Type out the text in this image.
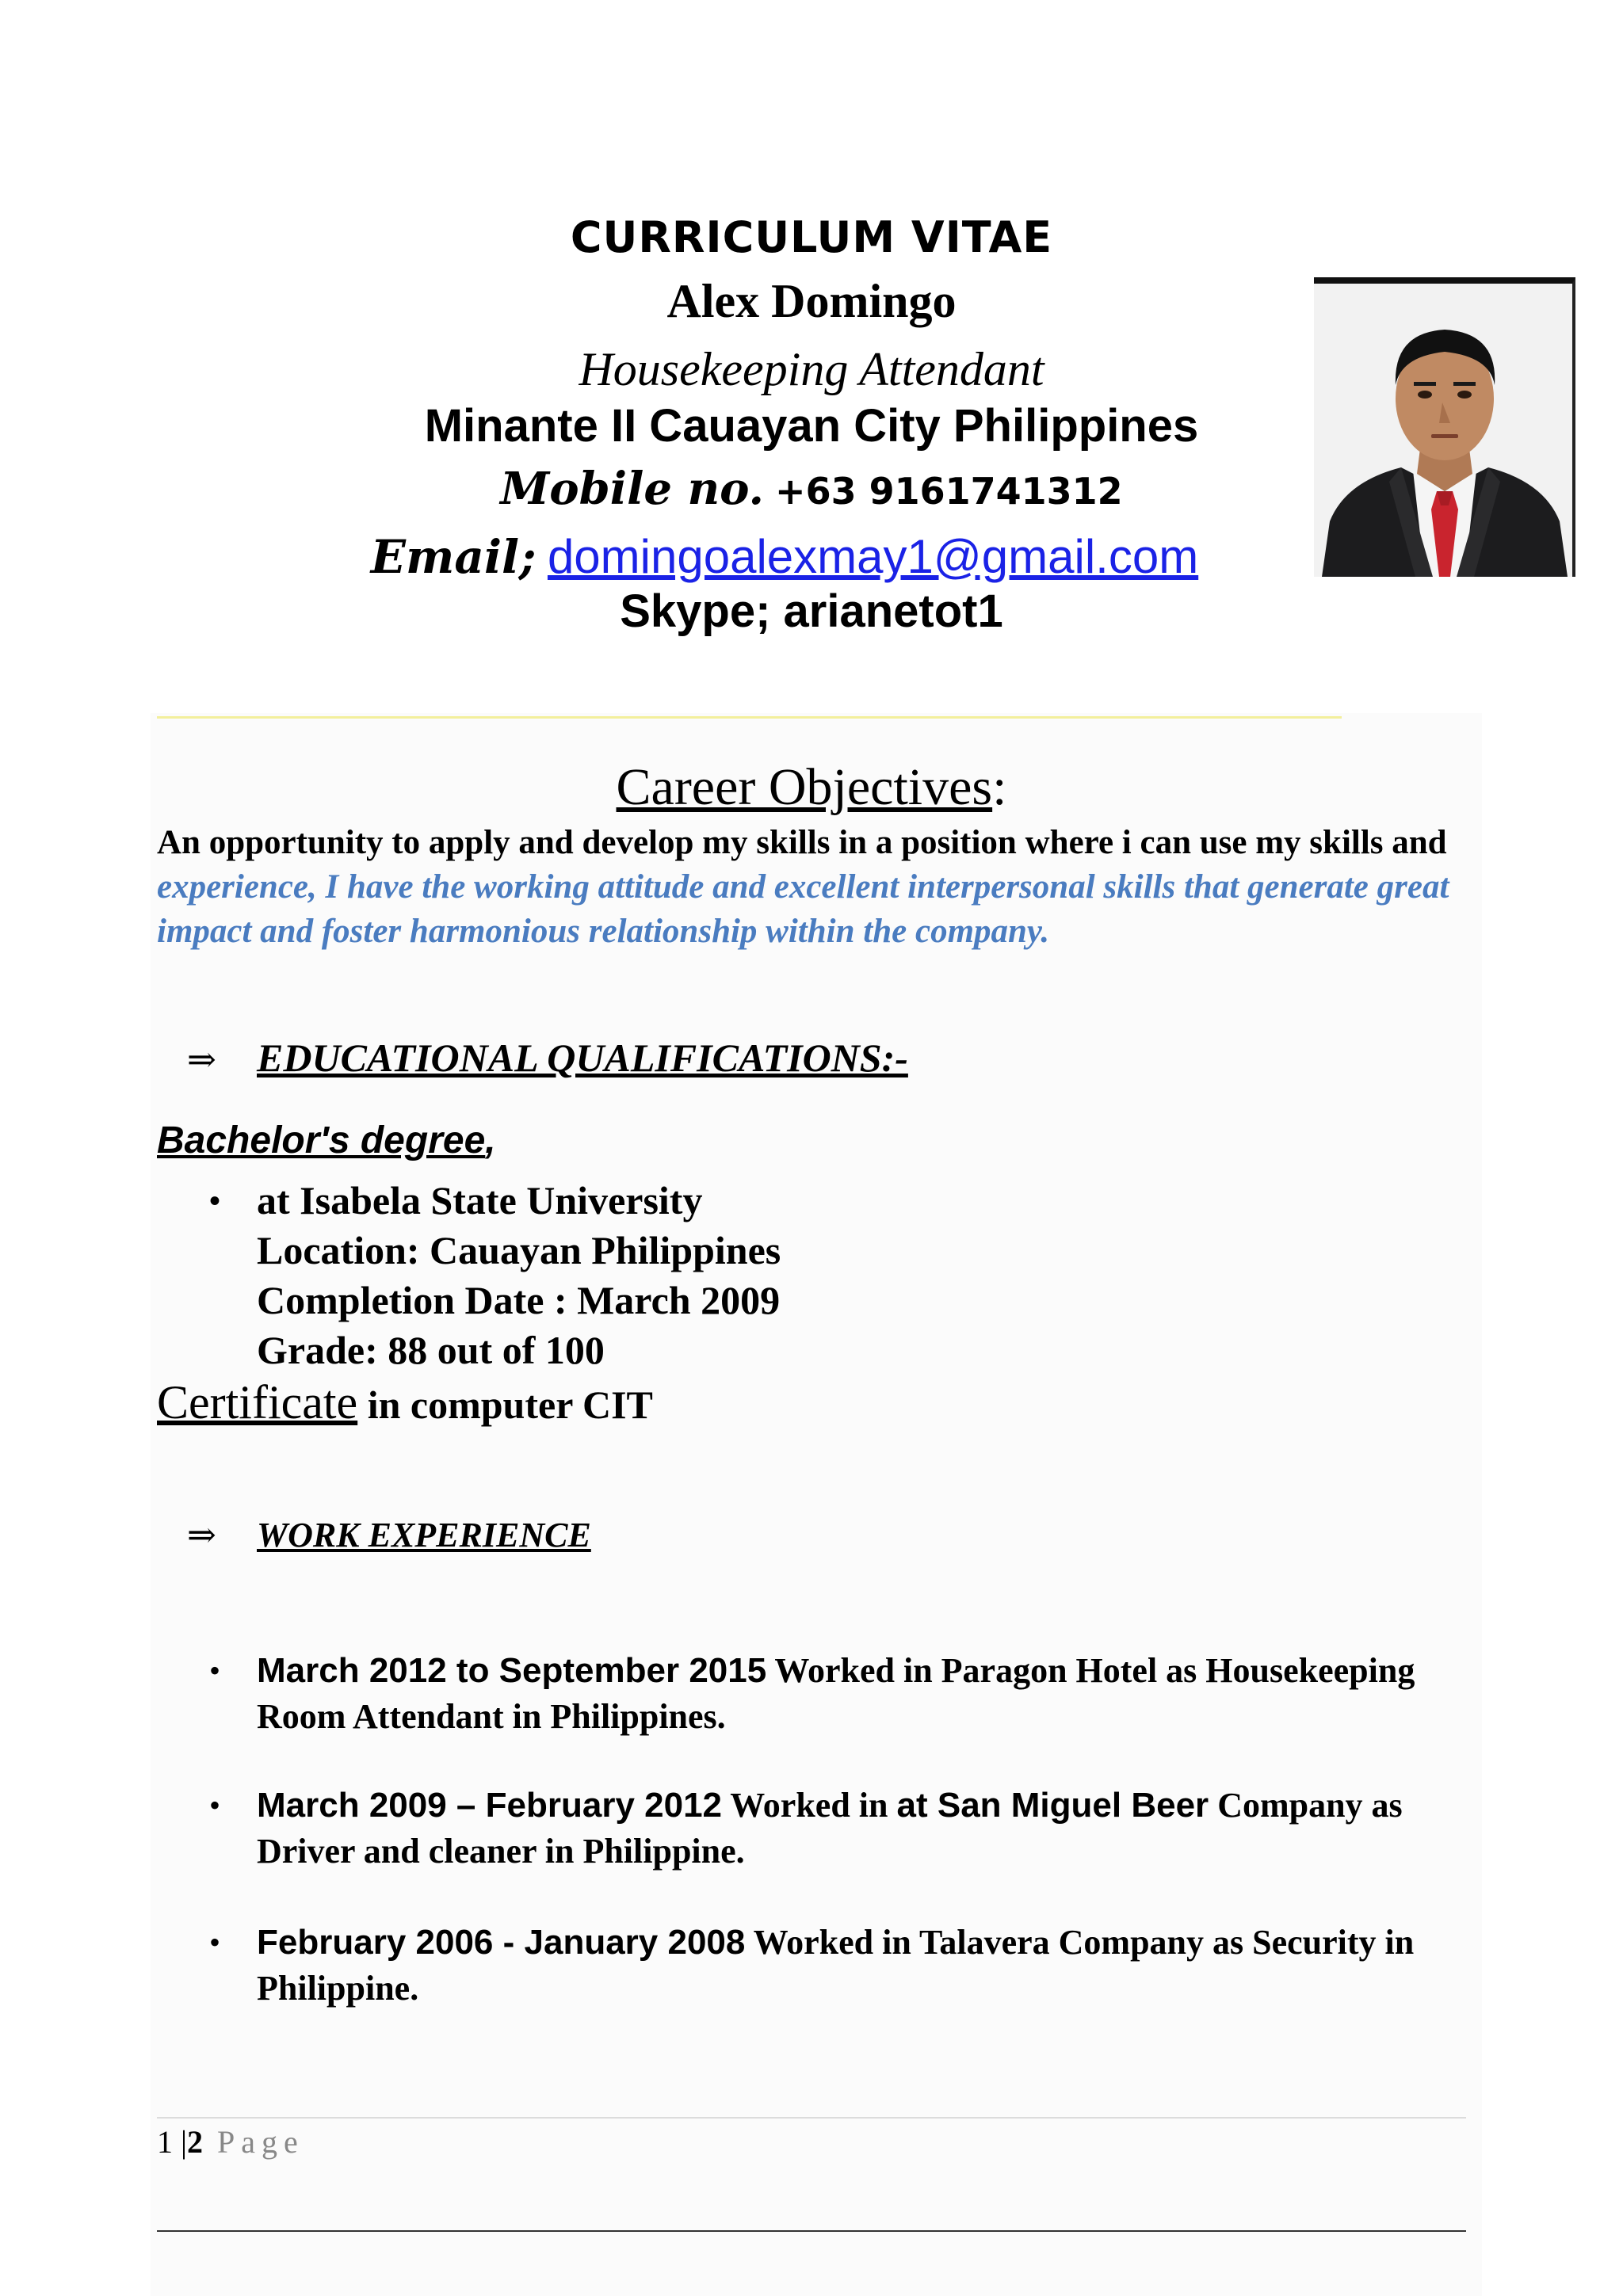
CURRICULUM VITAE
Alex Domingo
Housekeeping Attendant
Minante II Cauayan City Philippines
Mobile no. +63 9161741312
Email; domingoalexmay1@gmail.com
Skype; arianetot1
Career Objectives:
An opportunity to apply and develop my skills in a position where i can use my skills and experience, I have the working attitude and excellent interpersonal skills that generate great impact and foster harmonious relationship within the company.
⇒ EDUCATIONAL QUALIFICATIONS:-
Bachelor's degree,
• at Isabela State University
Location: Cauayan Philippines
Completion Date : March 2009
Grade: 88 out of 100
Certificate in computer CIT
⇒ WORK EXPERIENCE
• March 2012 to September 2015 Worked in Paragon Hotel as Housekeeping Room Attendant in Philippines.
• March 2009 – February 2012 Worked in at San Miguel Beer Company as Driver and cleaner in Philippine.
• February 2006 - January 2008 Worked in Talavera Company as Security in Philippine.
1 |2 Page
